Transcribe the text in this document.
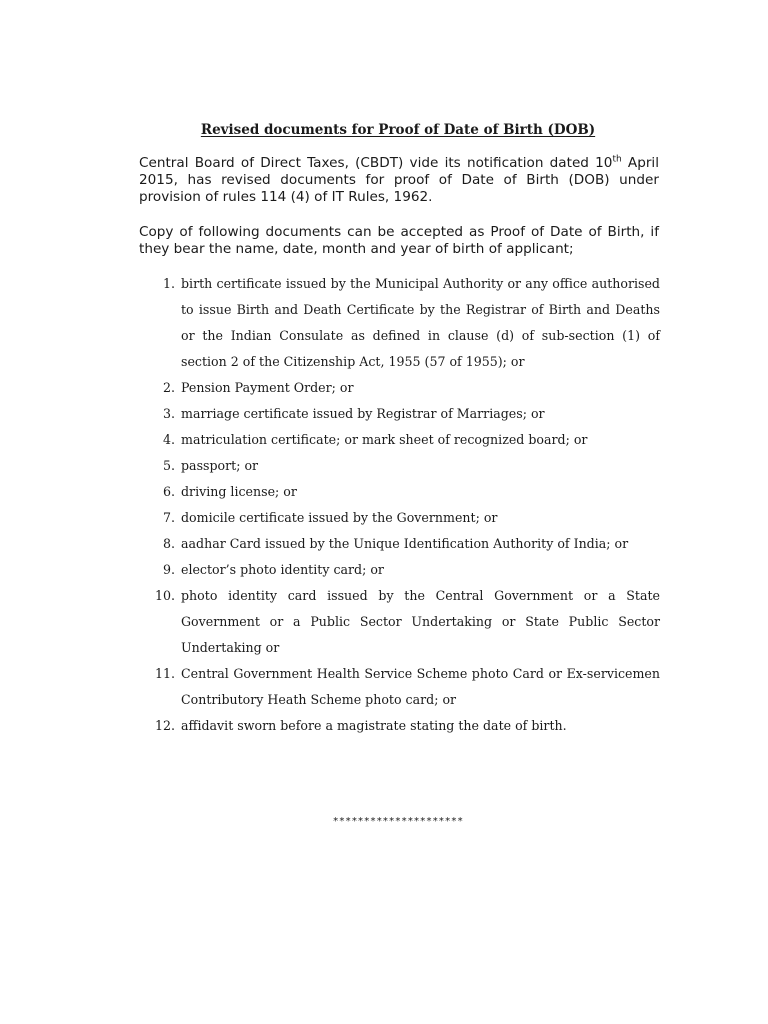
Revised documents for Proof of Date of Birth (DOB)

Central Board of Direct Taxes, (CBDT) vide its notification dated 10th April 2015, has revised documents for proof of Date of Birth (DOB) under provision of rules 114 (4) of IT Rules, 1962.

Copy of following documents can be accepted as Proof of Date of Birth, if they bear the name, date, month and year of birth of applicant;

1. birth certificate issued by the Municipal Authority or any office authorised to issue Birth and Death Certificate by the Registrar of Birth and Deaths or the Indian Consulate as defined in clause (d) of sub-section (1) of section 2 of the Citizenship Act, 1955 (57 of 1955); or
2. Pension Payment Order; or
3. marriage certificate issued by Registrar of Marriages; or
4. matriculation certificate; or mark sheet of recognized board; or
5. passport; or
6. driving license; or
7. domicile certificate issued by the Government; or
8. aadhar Card issued by the Unique Identification Authority of India; or
9. elector’s photo identity card; or
10. photo identity card issued by the Central Government or a State Government or a Public Sector Undertaking or State Public Sector Undertaking or
11. Central Government Health Service Scheme photo Card or Ex-servicemen Contributory Heath Scheme photo card; or
12. affidavit sworn before a magistrate stating the date of birth.

*********************
